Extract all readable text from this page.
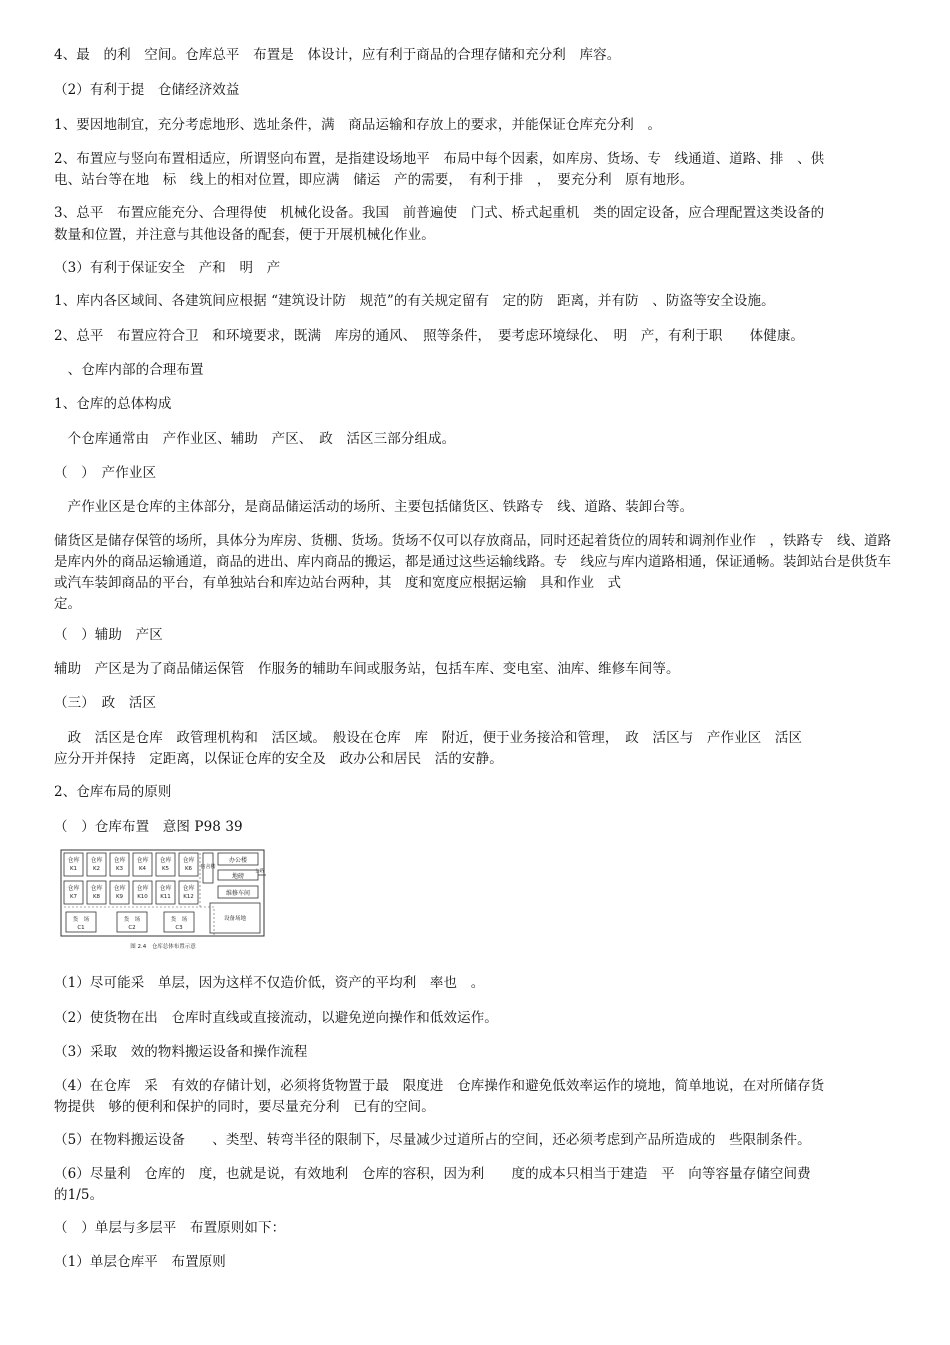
4、最　的利　空间。仓库总平　布置是　体设计，应有利于商品的合理存储和充分利　库容。
（2）有利于提　仓储经济效益
1、要因地制宜，充分考虑地形、选址条件，满　商品运输和存放上的要求，并能保证仓库充分利　。
2、布置应与竖向布置相适应，所谓竖向布置，是指建设场地平　布局中每个因素，如库房、货场、专　线通道、道路、排　、供
电、站台等在地　标　线上的相对位置，即应满　储运　产的需要，　有利于排　，　要充分利　原有地形。
3、总平　布置应能充分、合理得使　机械化设备。我国　前普遍使　门式、桥式起重机　类的固定设备，应合理配置这类设备的
数量和位置，并注意与其他设备的配套，便于开展机械化作业。
（3）有利于保证安全　产和　明　产
1、库内各区域间、各建筑间应根据 “建筑设计防　规范”的有关规定留有　定的防　距离，并有防　、防盗等安全设施。
2、总平　布置应符合卫　和环境要求，既满　库房的通风、　照等条件，　要考虑环境绿化、　明　产，有利于职　　体健康。
　、仓库内部的合理布置
1、仓库的总体构成
　个仓库通常由　产作业区、辅助　产区、　政　活区三部分组成。
（　）　产作业区
　产作业区是仓库的主体部分，是商品储运活动的场所、主要包括储货区、铁路专　线、道路、装卸台等。
储货区是储存保管的场所，具体分为库房、货棚、货场。货场不仅可以存放商品，同时还起着货位的周转和调剂作业作　，铁路专　线、道路是库内外的商品运输通道，商品的进出、库内商品的搬运，都是通过这些运输线路。专　线应与库内道路相通，保证通畅。装卸站台是供货车或汽车装卸商品的平台，有单独站台和库边站台两种，其　度和宽度应根据运输　具和作业　式　　　　　　　　　　　　　　　　　　　　　　　　定。
（　）辅助　产区
辅助　产区是为了商品储运保管　作服务的辅助车间或服务站，包括车库、变电室、油库、维修车间等。
（三）　政　活区
　政　活区是仓库　政管理机构和　活区域。　般设在仓库　库　附近，便于业务接洽和管理，　政　活区与　产作业区　活区
应分开并保持　定距离，以保证仓库的安全及　政办公和居民　活的安静。
2、仓库布局的原则
（　）仓库布置　意图 P98 39
仓库 仓库 仓库 仓库 仓库 仓库
K1	K2	K3	K4	K5	K6
仓库 仓库 仓库 仓库 仓库 仓库
K7	K8	K9	K10 K11 K12
宿舍楼
办公楼
地磅
公路
维修车间
设备场地
货　场	货　场	货　场
C1	C2	C3
图 2.4　仓库总体布置示意
（1）尽可能采　单层，因为这样不仅造价低，资产的平均利　率也　。
（2）使货物在出　仓库时直线或直接流动，以避免逆向操作和低效运作。
（3）采取　效的物料搬运设备和操作流程
（4）在仓库　采　有效的存储计划，必须将货物置于最　限度进　仓库操作和避免低效率运作的境地，简单地说，在对所储存货
物提供　够的便利和保护的同时，要尽量充分利　已有的空间。
（5）在物料搬运设备　　、类型、转弯半径的限制下，尽量减少过道所占的空间，还必须考虑到产品所造成的　些限制条件。
（6）尽量利　仓库的　度，也就是说，有效地利　仓库的容积，因为利　　度的成本只相当于建造　平　向等容量存储空间费
的1/5。
（　）单层与多层平　布置原则如下：
（1）单层仓库平　布置原则
